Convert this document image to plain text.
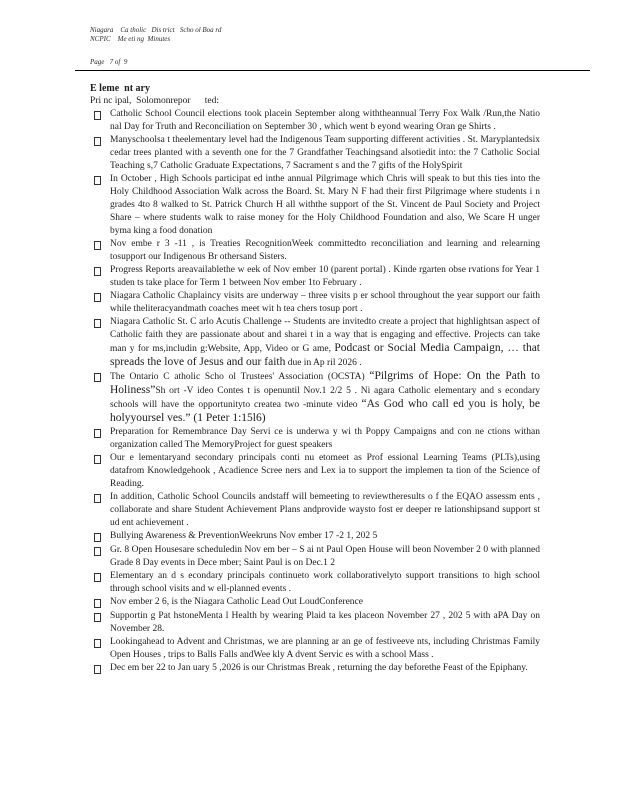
Niagara    Ca tholic   Dis trict   Scho ol Boa rd

NCPIC    Me eti ng  Minutes

Page   7 of  9

E leme  nt ary

Pri nc ipal,  Solomonrepor      ted:

Catholic School Council elections took placein September along withtheannual Terry Fox Walk /Run,the Natio nal Day for Truth and Reconciliation on September 30 , which went b eyond wearing Oran ge Shirts .
Manyschoolsa t theelementary level had the Indigenous Team supporting different activities . St. Maryplantedsix cedar trees planted with a seventh one for the 7 Grandfather Teachingsand alsotiedit into: the 7 Catholic Social Teaching s,7 Catholic Graduate Expectations, 7 Sacrament s and the 7 gifts of the HolySpirit
In October , High Schools participat ed inthe annual Pilgrimage which Chris will speak to but this ties into the Holy Childhood Association Walk across the Board. St. Mary N F had their first Pilgrimage where students i n grades 4to 8 walked to St. Patrick Church H all withthe support of the St. Vincent de Paul Society and Project Share – where students walk to raise money for the Holy Childhood Foundation and also, We Scare H unger byma king a food donation
Nov embe r 3 -11 , is Treaties RecognitionWeek committedto reconciliation and learning and relearning tosupport our Indigenous Br othersand Sisters.
Progress Reports areavailablethe w eek of Nov ember 10 (parent portal) . Kinde rgarten obse rvations for Year 1 studen ts take place for Term 1 between Nov ember 1to February .
Niagara Catholic Chaplaincy visits are underway – three visits p er school throughout the year support our faith while theliteracyandmath coaches meet wit h tea chers tosup port .
Niagara Catholic St. C arlo Acutis Challenge -- Students are invitedto create a project that highlightsan aspect of Catholic faith they are passionate about and sharei t in a way that is engaging and effective. Projects can take man y for ms,includin g:Website, App, Video or G ame, Podcast or Social Media Campaign, … that spreads the love of Jesus and our faith due in Ap ril 2026 .
The Ontario C atholic Scho ol Trustees' Association (OCSTA) “Pilgrims of Hope: On the Path to Holiness”Sh ort -V ideo Contes t is openuntil Nov.1 2/2 5 . Ni agara Catholic elementary and s econdary schools will have the opportunityto createa two -minute video “As God who call ed you is holy, be holyyoursel ves.” (1 Peter 1:15l6)
Preparation for Remembrance Day Servi ce is underwa y wi th Poppy Campaigns and con ne ctions withan organization called The MemoryProject for guest speakers
Our e lementaryand secondary principals conti nu etomeet as Prof essional Learning Teams (PLTs),using datafrom Knowledgehook , Acadience Scree ners and Lex ia to support the implemen ta tion of the Science of Reading.
In addition, Catholic School Councils andstaff will bemeeting to reviewtheresults o f the EQAO assessm ents , collaborate and share Student Achievement Plans andprovide waysto fost er deeper re lationshipsand support st ud ent achievement .
Bullying Awareness & PreventionWeekruns Nov ember 17 -2 1, 202 5
Gr. 8 Open Housesare scheduledin Nov em ber – S ai nt Paul Open House will beon November 2 0 with planned Grade 8 Day events in Dece mber; Saint Paul is on Dec.1 2
Elementary an d s econdary principals continueto work collaborativelyto support transitions to high school through school visits and w ell-planned events .
Nov ember 2 6, is the Niagara Catholic Lead Out LoudConference
Supportin g Pat hstoneMenta l Health by wearing Plaid ta kes placeon November 27 , 202 5 with aPA Day on November 28.
Lookingahead to Advent and Christmas, we are planning ar an ge of festiveeve nts, including Christmas Family Open Houses , trips to Balls Falls andWee kly A dvent Servic es with a school Mass .
Dec em ber 22 to Jan uary 5 ,2026 is our Christmas Break , returning the day beforethe Feast of the Epiphany.
